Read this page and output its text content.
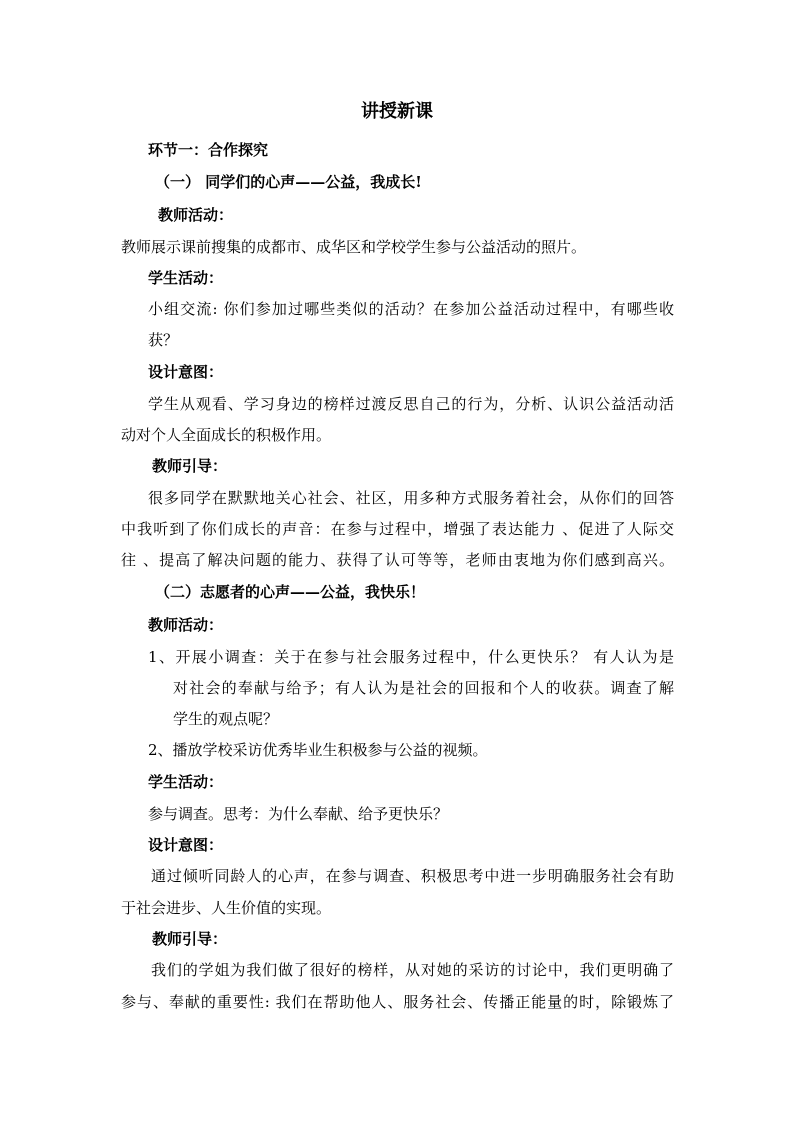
讲授新课
环节一：合作探究
（一） 同学们的心声——公益，我成长!
教师活动：
教师展示课前搜集的成都市、成华区和学校学生参与公益活动的照片。
学生活动：
小组交流: 你们参加过哪些类似的活动？在参加公益活动过程中，有哪些收
获？
设计意图：
学生从观看、学习身边的榜样过渡反思自己的行为，分析、认识公益活动活
动对个人全面成长的积极作用。
教师引导：
很多同学在默默地关心社会、社区，用多种方式服务着社会，从你们的回答
中我听到了你们成长的声音：在参与过程中，增强了表达能力 、促进了人际交
往 、提高了解决问题的能力、获得了认可等等，老师由衷地为你们感到高兴。
（二）志愿者的心声——公益，我快乐！
教师活动：
1、开展小调查：关于在参与社会服务过程中，什么更快乐？ 有人认为是
对社会的奉献与给予；有人认为是社会的回报和个人的收获。调查了解
学生的观点呢？
2、播放学校采访优秀毕业生积极参与公益的视频。
学生活动：
参与调查。思考：为什么奉献、给予更快乐？
设计意图：
通过倾听同龄人的心声，在参与调查、积极思考中进一步明确服务社会有助
于社会进步、人生价值的实现。
教师引导：
我们的学姐为我们做了很好的榜样，从对她的采访的讨论中，我们更明确了
参与、奉献的重要性: 我们在帮助他人、服务社会、传播正能量的时，除锻炼了
